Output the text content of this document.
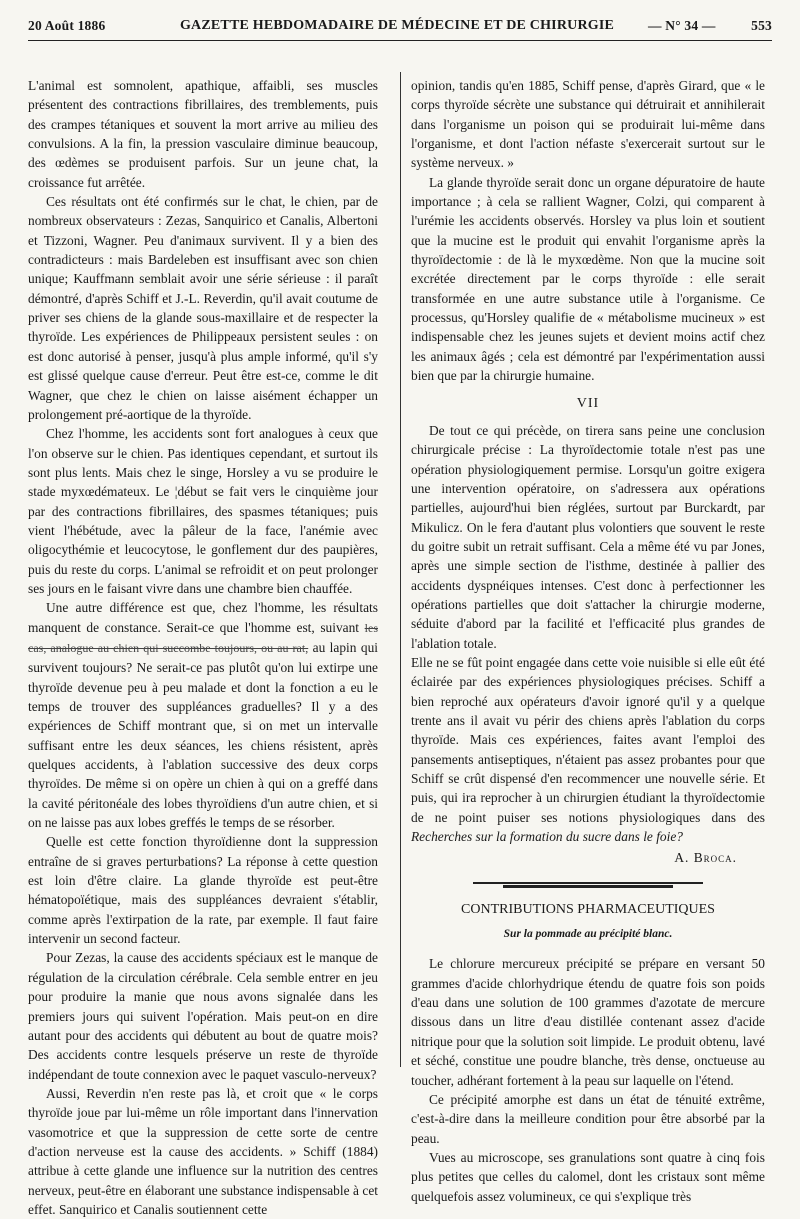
20 Août 1886	GAZETTE HEBDOMADAIRE DE MÉDECINE ET DE CHIRURGIE	— N° 34 —	553

L'animal est somnolent, apathique, affaibli, ses muscles présentent des contractions fibrillaires, des tremblements, puis des crampes tétaniques et souvent la mort arrive au milieu des convulsions. A la fin, la pression vasculaire diminue beaucoup, des œdèmes se produisent parfois. Sur un jeune chat, la croissance fut arrêtée.

Ces résultats ont été confirmés sur le chat, le chien, par de nombreux observateurs : Zezas, Sanquirico et Canalis, Albertoni et Tizzoni, Wagner. Peu d'animaux survivent. Il y a bien des contradicteurs : mais Bardeleben est insuffisant avec son chien unique; Kauffmann semblait avoir une série sérieuse : il paraît démontré, d'après Schiff et J.-L. Reverdin, qu'il avait coutume de priver ses chiens de la glande sous-maxillaire et de respecter la thyroïde. Les expériences de Philippeaux persistent seules : on est donc autorisé à penser, jusqu'à plus ample informé, qu'il s'y est glissé quelque cause d'erreur. Peut être est-ce, comme le dit Wagner, que chez le chien on laisse aisément échapper un prolongement pré-aortique de la thyroïde.

Chez l'homme, les accidents sont fort analogues à ceux que l'on observe sur le chien. Pas identiques cependant, et surtout ils sont plus lents. Mais chez le singe, Horsley a vu se produire le stade myxœdémateux. Le ¦début se fait vers le cinquième jour par des contractions fibrillaires, des spasmes tétaniques; puis vient l'hébétude, avec la pâleur de la face, l'anémie avec oligocythémie et leucocytose, le gonflement dur des paupières, puis du reste du corps. L'animal se refroidit et on peut prolonger ses jours en le faisant vivre dans une chambre bien chauffée.

Une autre différence est que, chez l'homme, les résultats manquent de constance. Serait-ce que l'homme est, suivant les cas, analogue au chien qui succombe toujours, ou au rat, au lapin qui survivent toujours? Ne serait-ce pas plutôt qu'on lui extirpe une thyroïde devenue peu à peu malade et dont la fonction a eu le temps de trouver des suppléances graduelles? Il y a des expériences de Schiff montrant que, si on met un intervalle suffisant entre les deux séances, les chiens résistent, après quelques accidents, à l'ablation successive des deux corps thyroïdes. De même si on opère un chien à qui on a greffé dans la cavité péritonéale des lobes thyroïdiens d'un autre chien, et si on ne laisse pas aux lobes greffés le temps de se résorber.

Quelle est cette fonction thyroïdienne dont la suppression entraîne de si graves perturbations? La réponse à cette question est loin d'être claire. La glande thyroïde est peut-être hématopoïétique, mais des suppléances devraient s'établir, comme après l'extirpation de la rate, par exemple. Il faut faire intervenir un second facteur.

Pour Zezas, la cause des accidents spéciaux est le manque de régulation de la circulation cérébrale. Cela semble entrer en jeu pour produire la manie que nous avons signalée dans les premiers jours qui suivent l'opération. Mais peut-on en dire autant pour des accidents qui débutent au bout de quatre mois? Des accidents contre lesquels préserve un reste de thyroïde indépendant de toute connexion avec le paquet vasculo-nerveux?

Aussi, Reverdin n'en reste pas là, et croit que « le corps thyroïde joue par lui-même un rôle important dans l'innervation vasomotrice et que la suppression de cette sorte de centre d'action nerveuse est la cause des accidents. » Schiff (1884) attribue à cette glande une influence sur la nutrition des centres nerveux, peut-être en élaborant une substance indispensable à cet effet. Sanquirico et Canalis soutiennent cette

opinion, tandis qu'en 1885, Schiff pense, d'après Girard, que « le corps thyroïde sécrète une substance qui détruirait et annihilerait dans l'organisme un poison qui se produirait lui-même dans l'organisme, et dont l'action néfaste s'exercerait surtout sur le système nerveux. »

La glande thyroïde serait donc un organe dépuratoire de haute importance ; à cela se rallient Wagner, Colzi, qui comparent à l'urémie les accidents observés. Horsley va plus loin et soutient que la mucine est le produit qui envahit l'organisme après la thyroïdectomie : de là le myxœdème. Non que la mucine soit excrétée directement par le corps thyroïde : elle serait transformée en une autre substance utile à l'organisme. Ce processus, qu'Horsley qualifie de « métabolisme mucineux » est indispensable chez les jeunes sujets et devient moins actif chez les animaux âgés ; cela est démontré par l'expérimentation aussi bien que par la chirurgie humaine.

VII

De tout ce qui précède, on tirera sans peine une conclusion chirurgicale précise : La thyroïdectomie totale n'est pas une opération physiologiquement permise. Lorsqu'un goitre exigera une intervention opératoire, on s'adressera aux opérations partielles, aujourd'hui bien réglées, surtout par Burckardt, par Mikulicz. On le fera d'autant plus volontiers que souvent le reste du goitre subit un retrait suffisant. Cela a même été vu par Jones, après une simple section de l'isthme, destinée à pallier des accidents dyspnéiques intenses. C'est donc à perfectionner les opérations partielles que doit s'attacher la chirurgie moderne, séduite d'abord par la facilité et l'efficacité plus grandes de l'ablation totale.

Elle ne se fût point engagée dans cette voie nuisible si elle eût été éclairée par des expériences physiologiques précises. Schiff a bien reproché aux opérateurs d'avoir ignoré qu'il y a quelque trente ans il avait vu périr des chiens après l'ablation du corps thyroïde. Mais ces expériences, faites avant l'emploi des pansements antiseptiques, n'étaient pas assez probantes pour que Schiff se crût dispensé d'en recommencer une nouvelle série. Et puis, qui ira reprocher à un chirurgien étudiant la thyroïdectomie de ne point puiser ses notions physiologiques dans des Recherches sur la formation du sucre dans le foie?

A. Broca.
CONTRIBUTIONS PHARMACEUTIQUES
Sur la pommade au précipité blanc.

Le chlorure mercureux précipité se prépare en versant 50 grammes d'acide chlorhydrique étendu de quatre fois son poids d'eau dans une solution de 100 grammes d'azotate de mercure dissous dans un litre d'eau distillée contenant assez d'acide nitrique pour que la solution soit limpide. Le produit obtenu, lavé et séché, constitue une poudre blanche, très dense, onctueuse au toucher, adhérant fortement à la peau sur laquelle on l'étend.

Ce précipité amorphe est dans un état de ténuité extrême, c'est-à-dire dans la meilleure condition pour être absorbé par la peau.

Vues au microscope, ses granulations sont quatre à cinq fois plus petites que celles du calomel, dont les cristaux sont même quelquefois assez volumineux, ce qui s'explique très
